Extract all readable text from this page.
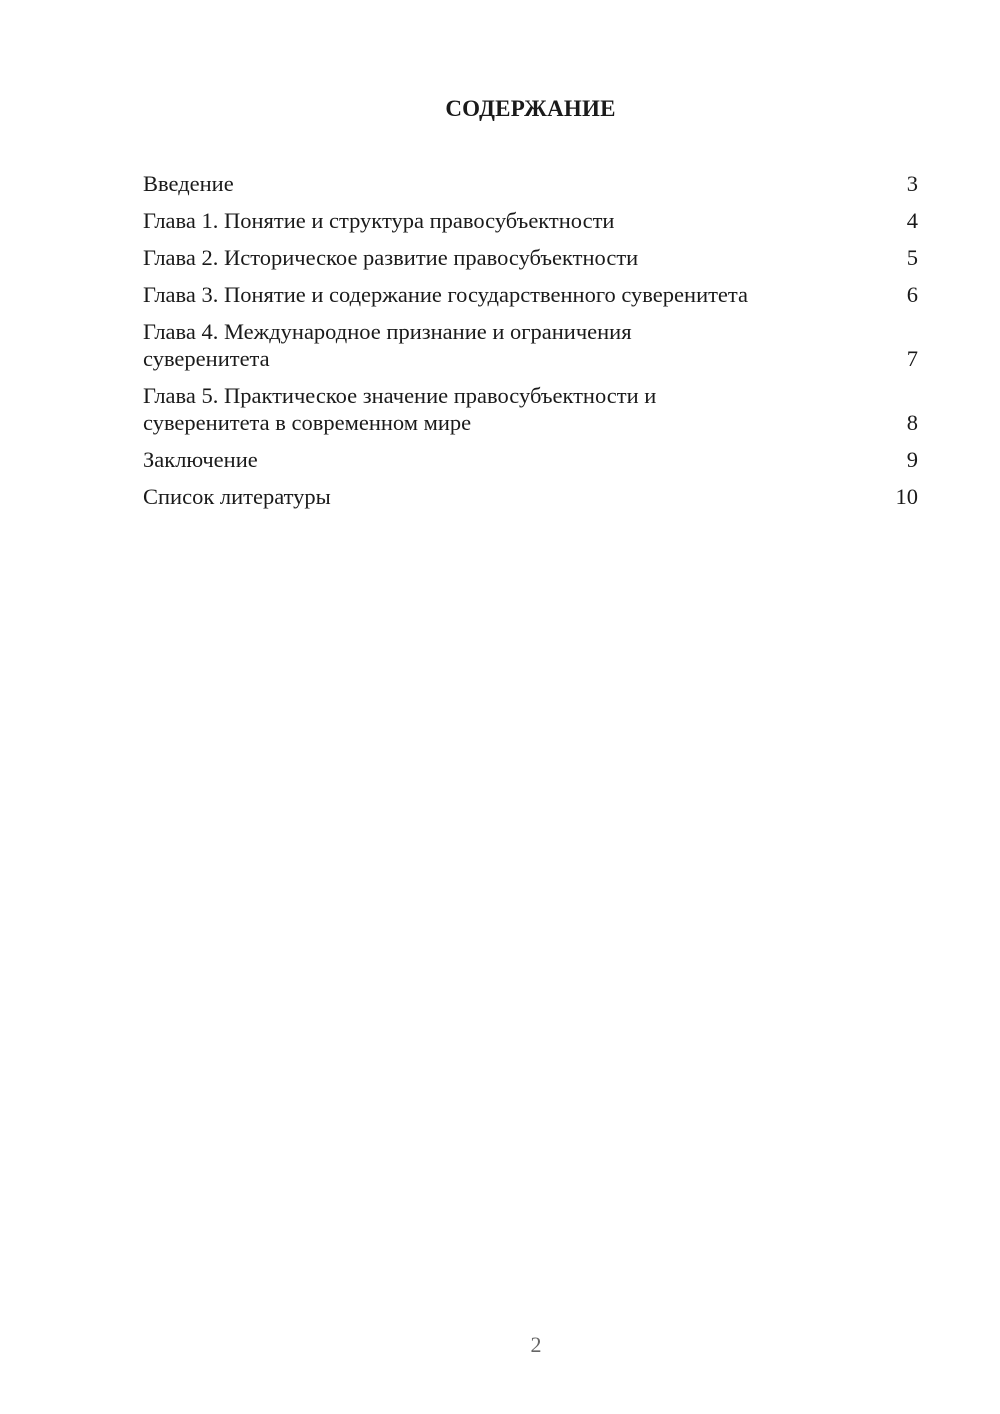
СОДЕРЖАНИЕ
Введение	3
Глава 1. Понятие и структура правосубъектности	4
Глава 2. Историческое развитие правосубъектности	5
Глава 3. Понятие и содержание государственного суверенитета	6
Глава 4. Международное признание и ограничения суверенитета	7
Глава 5. Практическое значение правосубъектности и суверенитета в современном мире	8
Заключение	9
Список литературы	10
2
